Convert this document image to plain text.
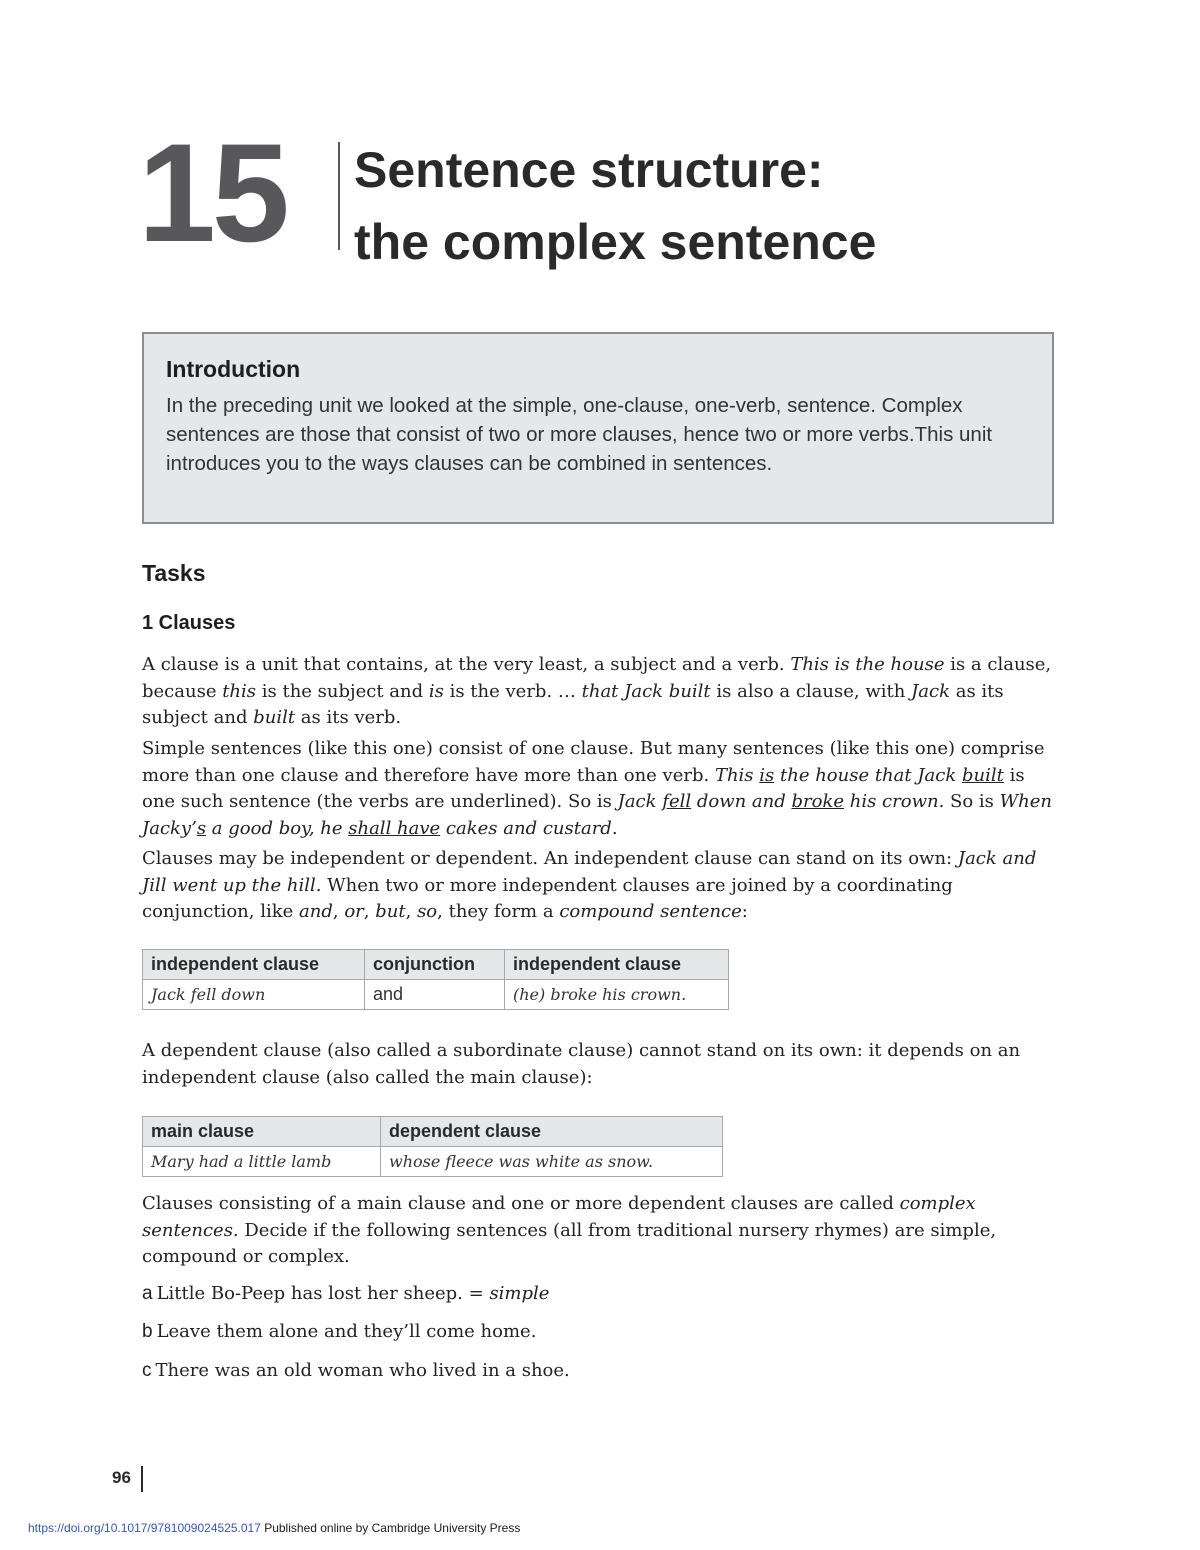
15 Sentence structure:
the complex sentence
Introduction
In the preceding unit we looked at the simple, one-clause, one-verb, sentence. Complex sentences are those that consist of two or more clauses, hence two or more verbs.This unit introduces you to the ways clauses can be combined in sentences.
Tasks
1 Clauses
A clause is a unit that contains, at the very least, a subject and a verb. This is the house is a clause, because this is the subject and is is the verb. … that Jack built is also a clause, with Jack as its subject and built as its verb.
Simple sentences (like this one) consist of one clause. But many sentences (like this one) comprise more than one clause and therefore have more than one verb. This is the house that Jack built is one such sentence (the verbs are underlined). So is Jack fell down and broke his crown. So is When Jacky’s a good boy, he shall have cakes and custard.
Clauses may be independent or dependent. An independent clause can stand on its own: Jack and Jill went up the hill. When two or more independent clauses are joined by a coordinating conjunction, like and, or, but, so, they form a compound sentence:
independent clause	conjunction	independent clause
Jack fell down	and	(he) broke his crown.
A dependent clause (also called a subordinate clause) cannot stand on its own: it depends on an independent clause (also called the main clause):
main clause	dependent clause
Mary had a little lamb	whose fleece was white as snow.
Clauses consisting of a main clause and one or more dependent clauses are called complex sentences. Decide if the following sentences (all from traditional nursery rhymes) are simple, compound or complex.
a Little Bo-Peep has lost her sheep. = simple
b Leave them alone and they’ll come home.
c There was an old woman who lived in a shoe.
96
https://doi.org/10.1017/9781009024525.017 Published online by Cambridge University Press
